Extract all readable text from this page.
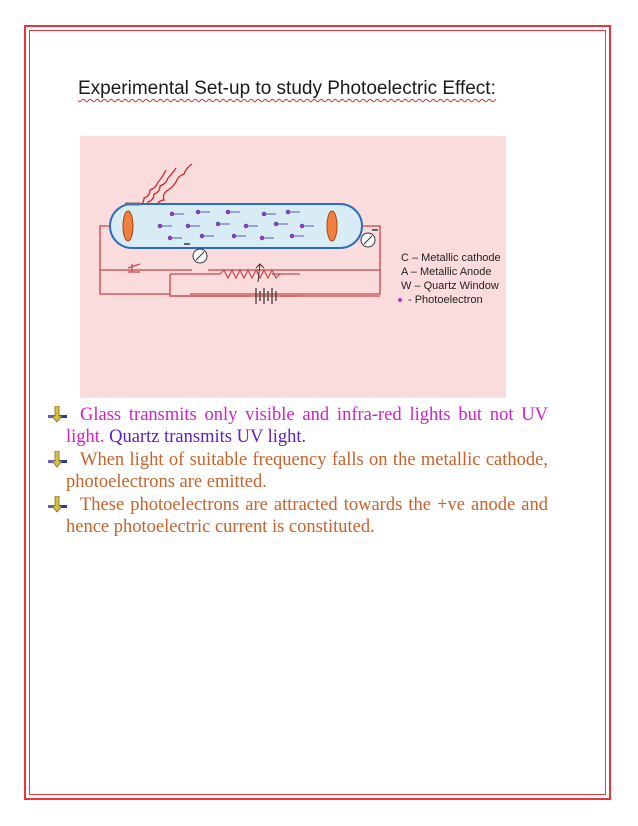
Experimental Set-up to study Photoelectric Effect:
C – Metallic cathode
A – Metallic Anode
W – Quartz Window
- Photoelectron
Glass transmits only visible and infra-red lights but not UV light. Quartz transmits UV light.
When light of suitable frequency falls on the metallic cathode, photoelectrons are emitted.
These photoelectrons are attracted towards the +ve anode and hence photoelectric current is constituted.
